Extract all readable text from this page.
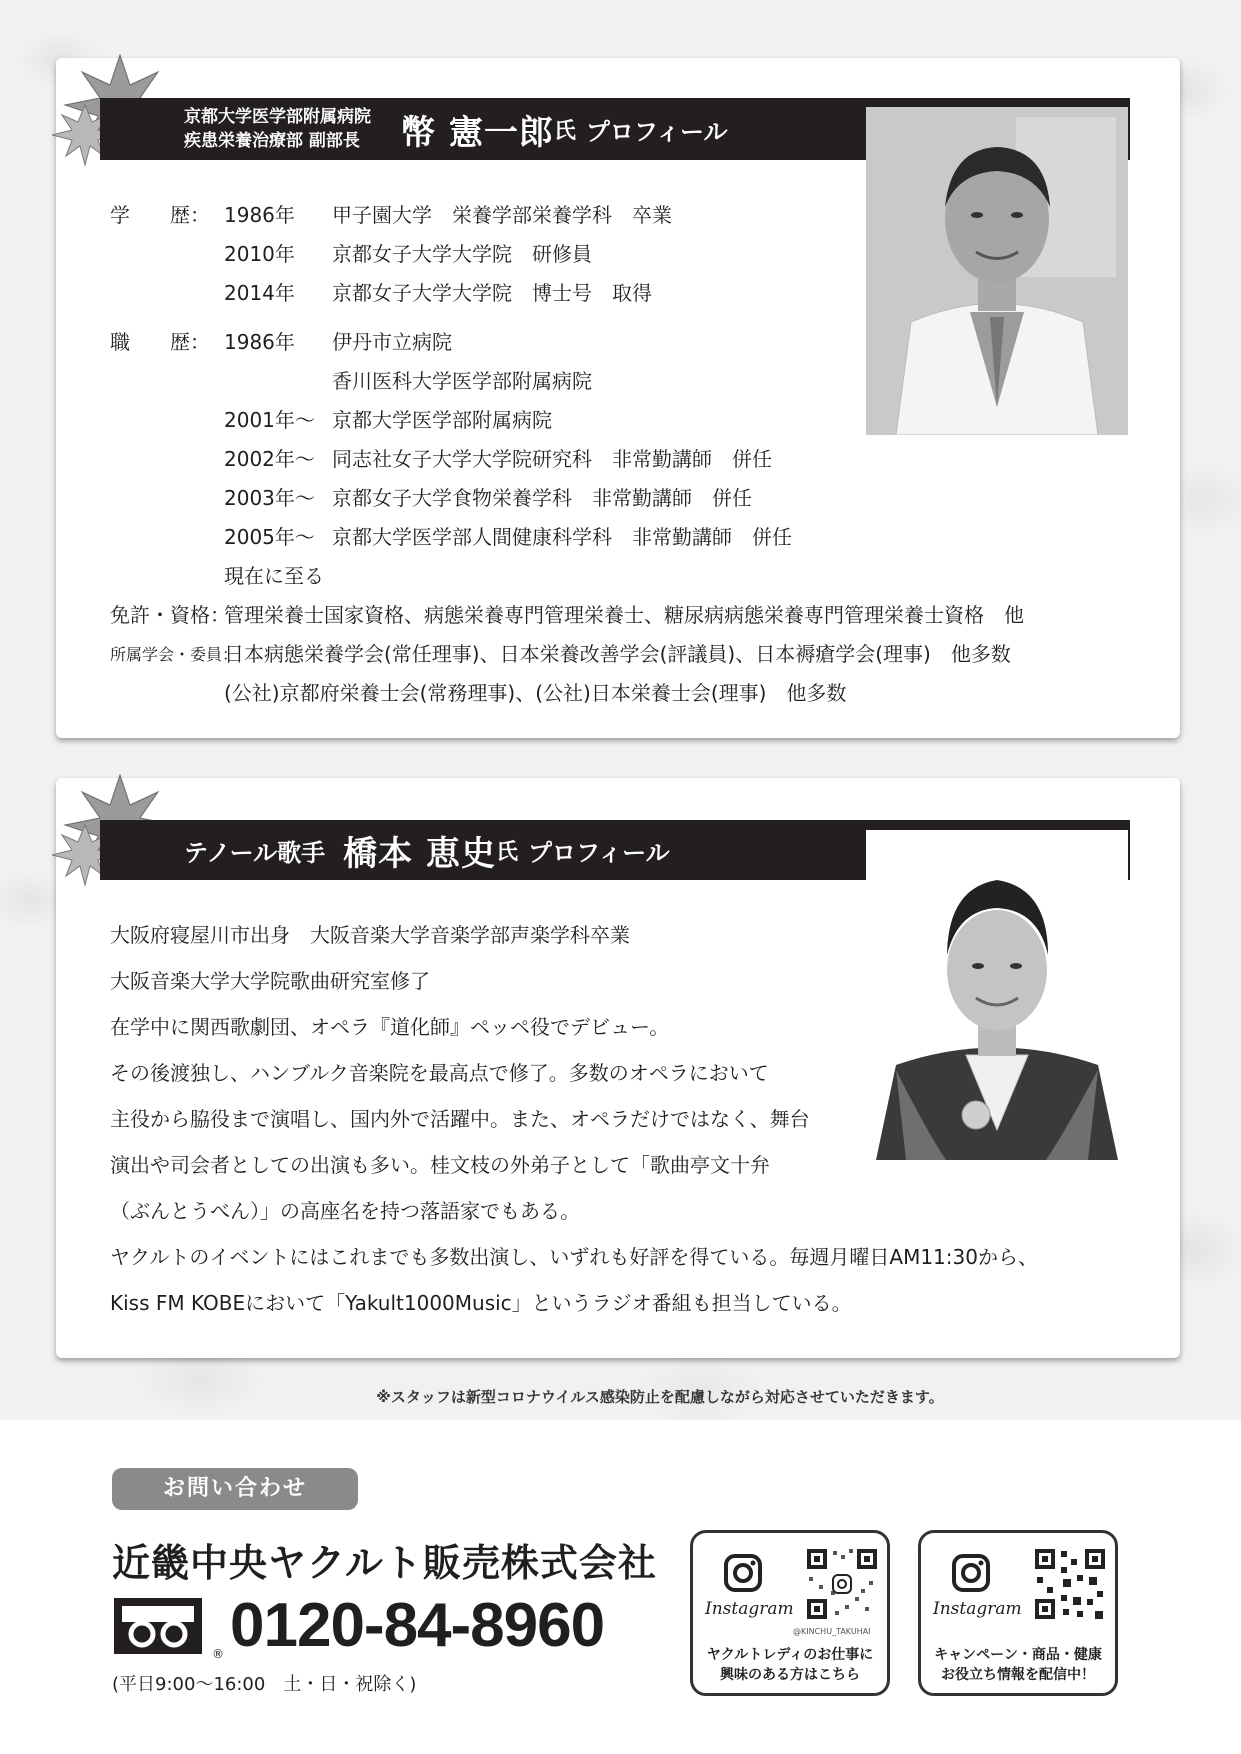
京都大学医学部附属病院
疾患栄養治療部 副部長	幣 憲一郎 氏 プロフィール
学　　歴： 1986年	甲子園大学　栄養学部栄養学科　卒業
2010年	京都女子大学大学院　研修員
2014年	京都女子大学大学院　博士号　取得
職　　歴： 1986年	伊丹市立病院
香川医科大学医学部附属病院
2001年～ 京都大学医学部附属病院
2002年～ 同志社女子大学大学院研究科　非常勤講師　併任
2003年～ 京都女子大学食物栄養学科　非常勤講師　併任
2005年～ 京都大学医学部人間健康科学科　非常勤講師　併任
現在に至る
免許・資格：
管理栄養士国家資格、病態栄養専門管理栄養士、糖尿病病態栄養専門管理栄養士資格　他
所属学会・委員：
日本病態栄養学会(常任理事)、日本栄養改善学会(評議員)、日本褥瘡学会(理事)　他多数
(公社)京都府栄養士会(常務理事)、(公社)日本栄養士会(理事)　他多数
テノール歌手 橋本 恵史 氏 プロフィール

大阪府寝屋川市出身　大阪音楽大学音楽学部声楽学科卒業

大阪音楽大学大学院歌曲研究室修了

在学中に関西歌劇団、オペラ『道化師』ペッペ役でデビュー。

その後渡独し、ハンブルク音楽院を最高点で修了。多数のオペラにおいて

主役から脇役まで演唱し、国内外で活躍中。また、オペラだけではなく、舞台

演出や司会者としての出演も多い。桂文枝の外弟子として「歌曲亭文十弁

（ぶんとうべん）」の高座名を持つ落語家でもある。

ヤクルトのイベントにはこれまでも多数出演し、いずれも好評を得ている。毎週月曜日AM11:30から、

Kiss FM KOBEにおいて「Yakult1000Music」というラジオ番組も担当している。

※スタッフは新型コロナウイルス感染防止を配慮しながら対応させていただきます。
お問い合わせ
近畿中央ヤクルト販売株式会社
® 0120-84-8960
(平日9:00～16:00　土・日・祝除く)
Instagram
@KINCHU_TAKUHAI
ヤクルトレディのお仕事に
興味のある方はこちら
Instagram
キャンペーン・商品・健康
お役立ち情報を配信中！
